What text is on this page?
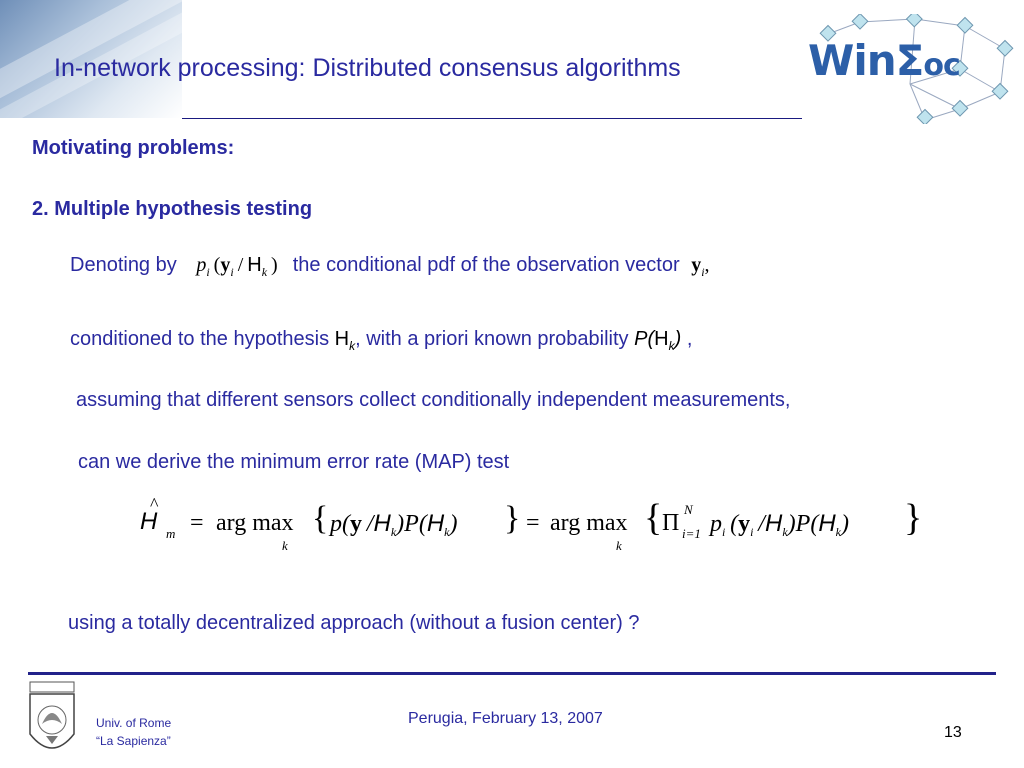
In-network processing: Distributed consensus algorithms	WinΣoc
Motivating problems:
2. Multiple hypothesis testing
Denoting by $p_i$ ($y_i / H_k$ ) the conditional pdf of the observation vector $y_i$,
conditioned to the hypothesis $H_k$, with a priori known probability $P(H_k)$ ,
assuming that different sensors collect conditionally independent measurements,
can we derive the minimum error rate (MAP) test
H
^
m = arg max
k
{ p(y $/H_k)P(H_k)$ } = arg max
k
{ Π
N
i=1 $p_i$ ($y_i$ $/H_k)P(H_k)$ }
using a totally decentralized approach (without a fusion center) ?
Univ. of Rome
“La Sapienza”
Perugia, February 13, 2007
13
